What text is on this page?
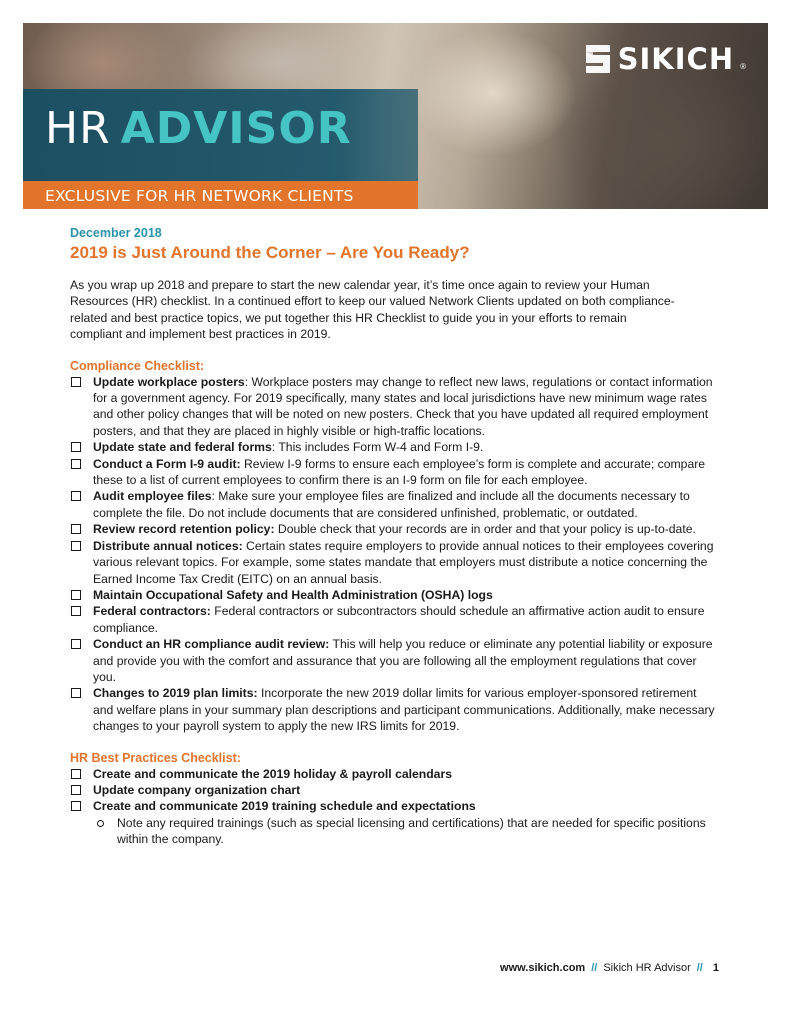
HR ADVISOR
EXCLUSIVE FOR HR NETWORK CLIENTS
SIKICH ®
December 2018
2019 is Just Around the Corner – Are You Ready?

As you wrap up 2018 and prepare to start the new calendar year, it’s time once again to review your Human Resources (HR) checklist. In a continued effort to keep our valued Network Clients updated on both compliance-related and best practice topics, we put together this HR Checklist to guide you in your efforts to remain compliant and implement best practices in 2019.

Compliance Checklist:
Update workplace posters: Workplace posters may change to reflect new laws, regulations or contact information for a government agency. For 2019 specifically, many states and local jurisdictions have new minimum wage rates and other policy changes that will be noted on new posters. Check that you have updated all required employment posters, and that they are placed in highly visible or high-traffic locations.
Update state and federal forms: This includes Form W-4 and Form I-9.
Conduct a Form I-9 audit: Review I-9 forms to ensure each employee’s form is complete and accurate; compare these to a list of current employees to confirm there is an I-9 form on file for each employee.
Audit employee files: Make sure your employee files are finalized and include all the documents necessary to complete the file. Do not include documents that are considered unfinished, problematic, or outdated.
Review record retention policy: Double check that your records are in order and that your policy is up-to-date.
Distribute annual notices: Certain states require employers to provide annual notices to their employees covering various relevant topics. For example, some states mandate that employers must distribute a notice concerning the Earned Income Tax Credit (EITC) on an annual basis.
Maintain Occupational Safety and Health Administration (OSHA) logs
Federal contractors: Federal contractors or subcontractors should schedule an affirmative action audit to ensure compliance.
Conduct an HR compliance audit review: This will help you reduce or eliminate any potential liability or exposure and provide you with the comfort and assurance that you are following all the employment regulations that cover you.
Changes to 2019 plan limits: Incorporate the new 2019 dollar limits for various employer-sponsored retirement and welfare plans in your summary plan descriptions and participant communications. Additionally, make necessary changes to your payroll system to apply the new IRS limits for 2019.
HR Best Practices Checklist:
Create and communicate the 2019 holiday & payroll calendars
Update company organization chart
Create and communicate 2019 training schedule and expectations
Note any required trainings (such as special licensing and certifications) that are needed for specific positions within the company.
www.sikich.com // Sikich HR Advisor // 1
